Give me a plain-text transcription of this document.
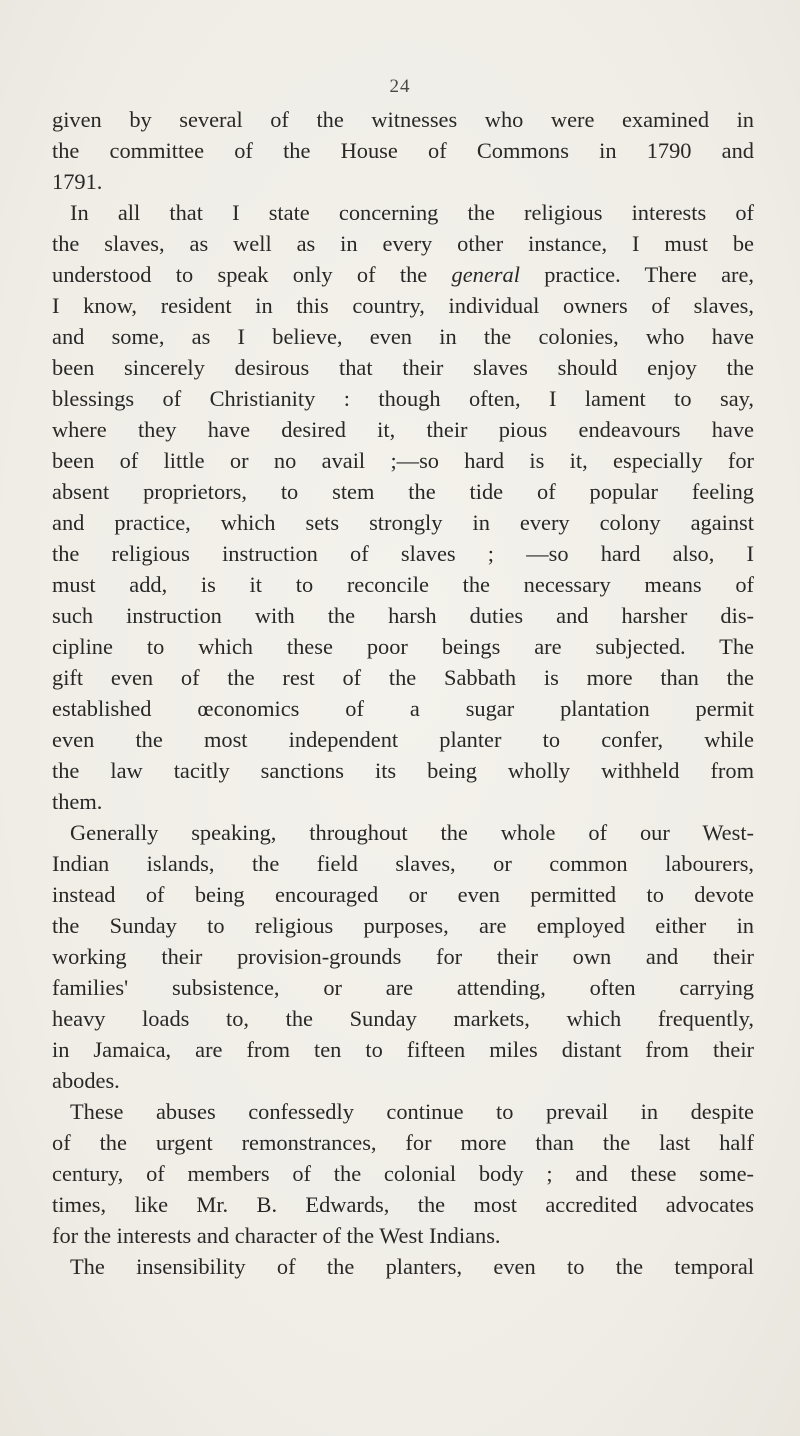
24
given by several of the witnesses who were examined in
the committee of the House of Commons in 1790 and
1791.
In all that I state concerning the religious interests of
the slaves, as well as in every other instance, I must be
understood to speak only of the general practice. There are,
I know, resident in this country, individual owners of slaves,
and some, as I believe, even in the colonies, who have
been sincerely desirous that their slaves should enjoy the
blessings of Christianity : though often, I lament to say,
where they have desired it, their pious endeavours have
been of little or no avail ;—so hard is it, especially for
absent proprietors, to stem the tide of popular feeling
and practice, which sets strongly in every colony against
the religious instruction of slaves ; —so hard also, I
must add, is it to reconcile the necessary means of
such instruction with the harsh duties and harsher dis-
cipline to which these poor beings are subjected. The
gift even of the rest of the Sabbath is more than the
established œconomics of a sugar plantation permit
even the most independent planter to confer, while
the law tacitly sanctions its being wholly withheld from
them.
Generally speaking, throughout the whole of our West-
Indian islands, the field slaves, or common labourers,
instead of being encouraged or even permitted to devote
the Sunday to religious purposes, are employed either in
working their provision-grounds for their own and their
families' subsistence, or are attending, often carrying
heavy loads to, the Sunday markets, which frequently,
in Jamaica, are from ten to fifteen miles distant from their
abodes.
These abuses confessedly continue to prevail in despite
of the urgent remonstrances, for more than the last half
century, of members of the colonial body ; and these some-
times, like Mr. B. Edwards, the most accredited advocates
for the interests and character of the West Indians.
The insensibility of the planters, even to the temporal
